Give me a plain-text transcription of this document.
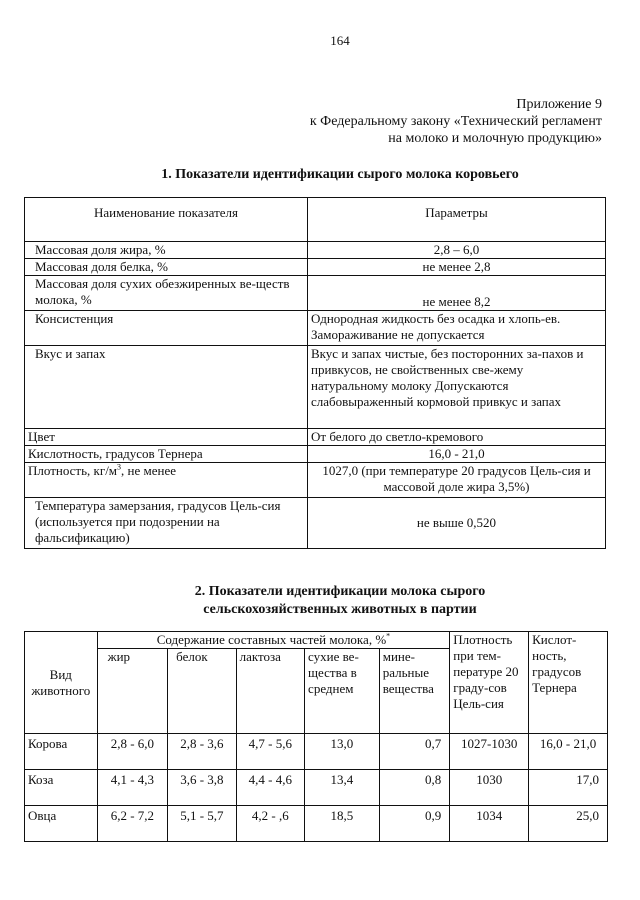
164
Приложение 9
к Федеральному закону «Технический регламент
на молоко и молочную продукцию»
1. Показатели идентификации сырого молока коровьего
Наименование показателя	Параметры
Массовая доля жира, %	2,8 – 6,0
Массовая доля белка, %	не менее 2,8
Массовая доля сухих обезжиренных ве-ществ молока, %	не менее 8,2
Консистенция	Однородная жидкость без осадка и хлопь-ев. Замораживание не допускается
Вкус и запах	Вкус и запах чистые, без посторонних за-пахов и привкусов, не свойственных све-жему натуральному молоку Допускаются слабовыраженный кормовой привкус и запах
Цвет	От белого до светло-кремового
Кислотность, градусов Тернера	16,0 - 21,0
Плотность, $кг/м^3$, не менее	1027,0 (при температуре 20 градусов Цель-сия и массовой доле жира 3,5%)
Температура замерзания, градусов Цель-сия (используется при подозрении на фальсификацию)	не выше 0,520
2. Показатели идентификации молока сырого
сельскохозяйственных животных в партии
Вид животного	Содержание составных частей молока, %*					Плотность при тем-пературе 20 граду-сов Цель-сия	Кислот-ность, градусов Тернера
	жир	белок	лактоза	сухие ве-щества в среднем	мине-ральные вещества		
Корова	2,8 - 6,0	2,8 - 3,6	4,7 - 5,6	13,0	0,7	1027-1030	16,0 - 21,0
Коза	4,1 - 4,3	3,6 - 3,8	4,4 - 4,6	13,4	0,8	1030	17,0
Овца	6,2 - 7,2	5,1 - 5,7	4,2 - ,6	18,5	0,9	1034	25,0
